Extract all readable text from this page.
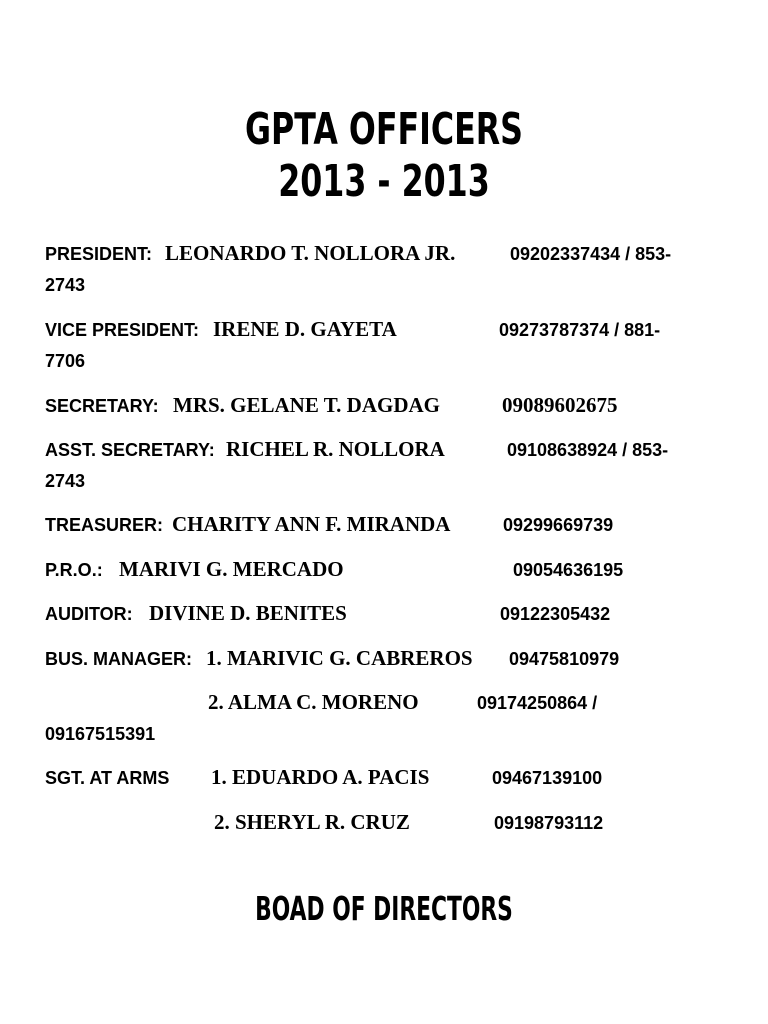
GPTA OFFICERS
2013 - 2013
PRESIDENT: LEONARDO T. NOLLORA JR.	09202337434 / 853-
2743
VICE PRESIDENT: IRENE D. GAYETA	09273787374 / 881-
7706
SECRETARY: MRS. GELANE T. DAGDAG	09089602675
ASST. SECRETARY: RICHEL R. NOLLORA	09108638924 / 853-
2743
TREASURER: CHARITY ANN F. MIRANDA	09299669739
P.R.O.: MARIVI G. MERCADO	09054636195
AUDITOR: DIVINE D. BENITES	09122305432
BUS. MANAGER: 1. MARIVIC G. CABREROS 09475810979
2. ALMA C. MORENO	09174250864 /
09167515391
SGT. AT ARMS 1. EDUARDO A. PACIS	09467139100
2. SHERYL R. CRUZ	09198793112
BOAD OF DIRECTORS
